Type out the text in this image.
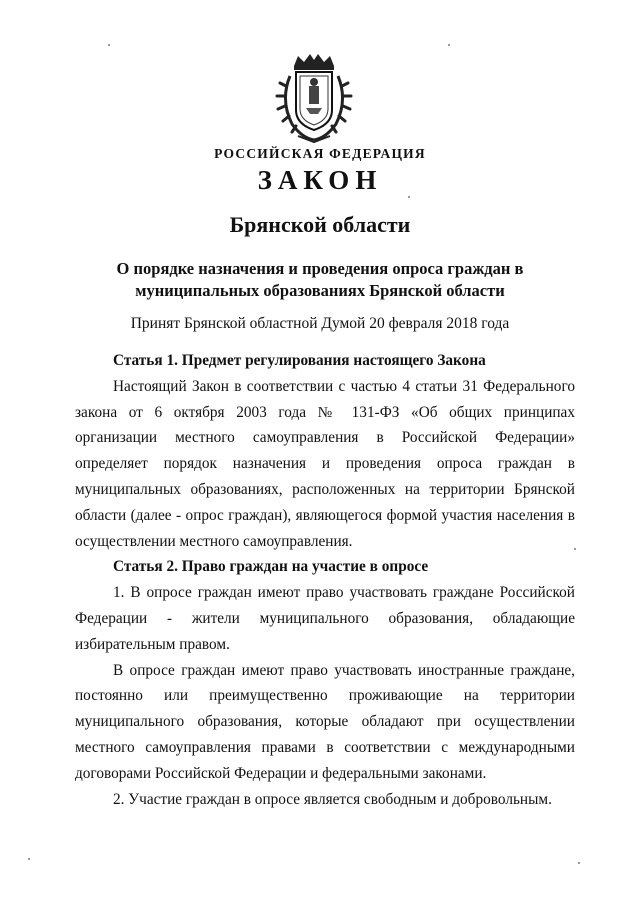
РОССИЙСКАЯ ФЕДЕРАЦИЯ
ЗАКОН
Брянской области
О порядке назначения и проведения опроса граждан в
муниципальных образованиях Брянской области
Принят Брянской областной Думой 20 февраля 2018 года
Статья 1. Предмет регулирования настоящего Закона

Настоящий Закон в соответствии с частью 4 статьи 31 Федерального закона от 6 октября 2003 года № 131-ФЗ «Об общих принципах организации местного самоуправления в Российской Федерации» определяет порядок назначения и проведения опроса граждан в муниципальных образованиях, расположенных на территории Брянской области (далее - опрос граждан), являющегося формой участия населения в осуществлении местного самоуправления.

Статья 2. Право граждан на участие в опросе

1. В опросе граждан имеют право участвовать граждане Российской Федерации - жители муниципального образования, обладающие избирательным правом.

В опросе граждан имеют право участвовать иностранные граждане, постоянно или преимущественно проживающие на территории муниципального образования, которые обладают при осуществлении местного самоуправления правами в соответствии с международными договорами Российской Федерации и федеральными законами.

2. Участие граждан в опросе является свободным и добровольным.
